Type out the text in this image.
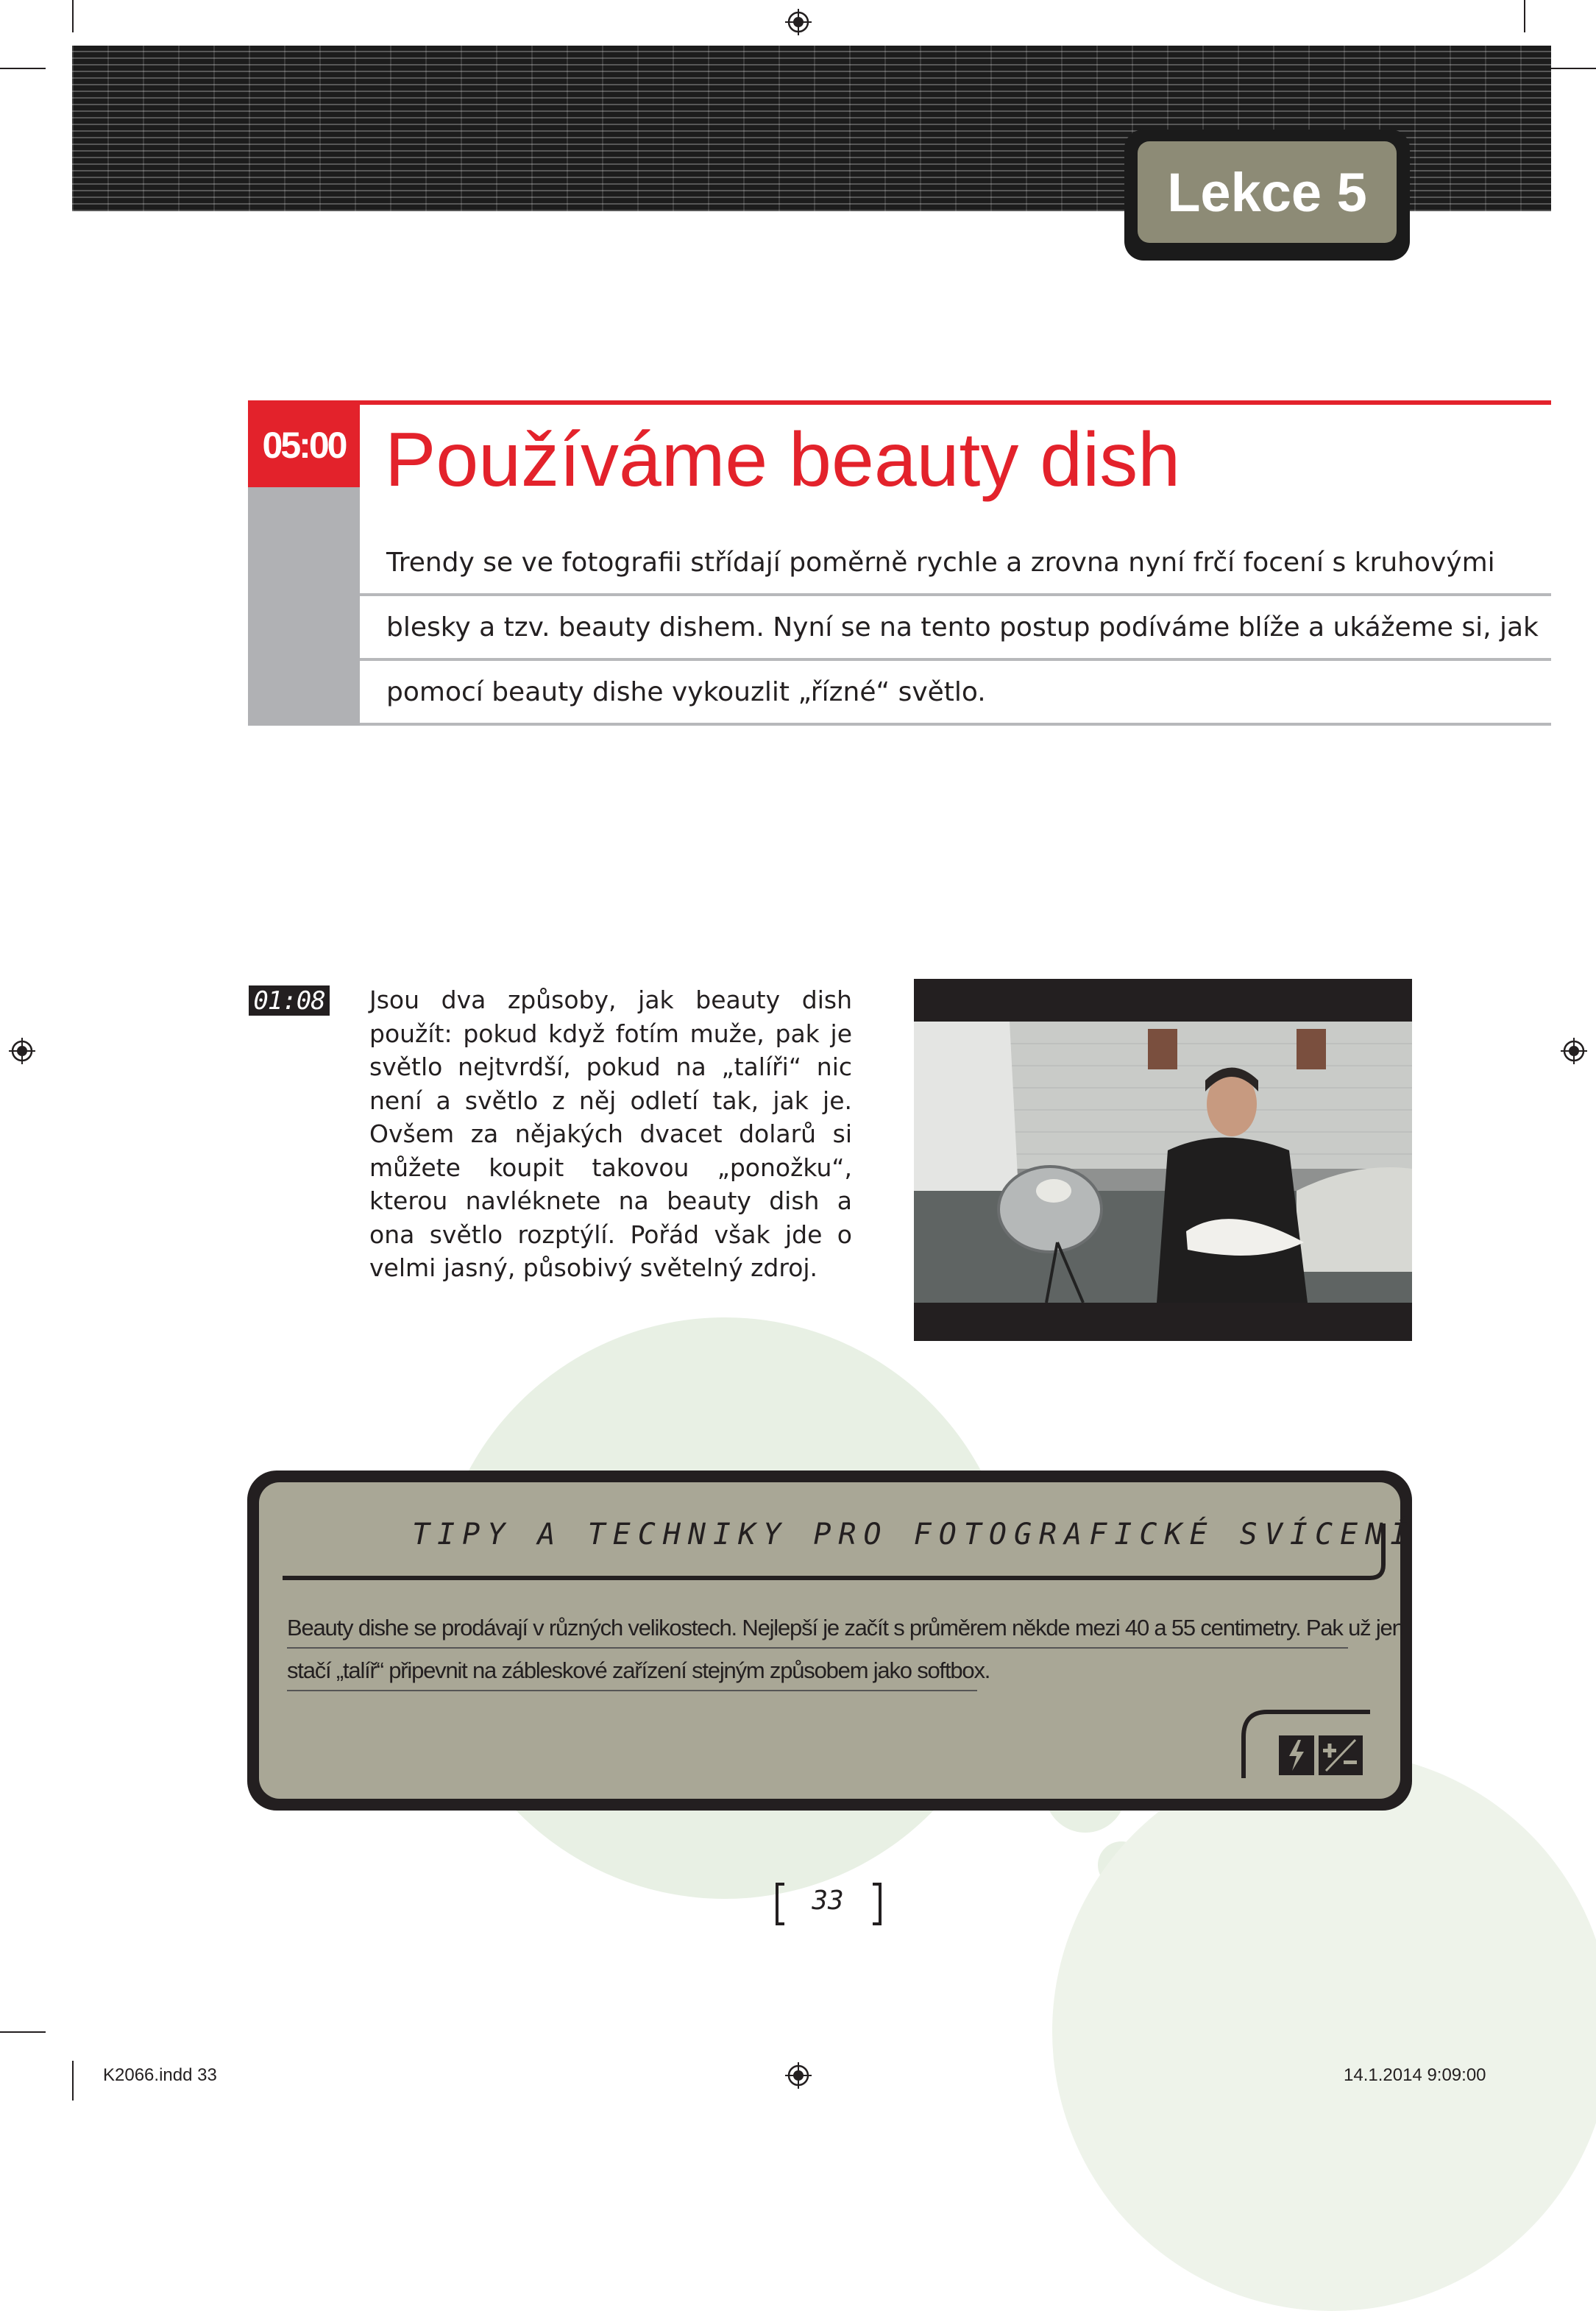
Lekce 5
05:00 Používáme beauty dish
Trendy se ve fotografii střídají poměrně rychle a zrovna nyní frčí focení s kruhovými
blesky a tzv. beauty dishem. Nyní se na tento postup podíváme blíže a ukážeme si, jak
pomocí beauty dishe vykouzlit „řízné“ světlo.
01:08 Jsou dva způsoby, jak beauty dish použít: pokud když fotím muže, pak je světlo nejtvrdší, pokud na „talíři“ nic není a světlo z něj odletí tak, jak je. Ovšem za nějakých dvacet dolarů si můžete koupit takovou „ponožku“, kterou navléknete na beauty dish a ona světlo rozptýlí. Pořád však jde o velmi jasný, působivý světelný zdroj.
TIPY A TECHNIKY PRO FOTOGRAFICKÉ SVÍCENÍ
Beauty dishe se prodávají v různých velikostech. Nejlepší je začít s průměrem někde mezi 40 a 55 centimetry. Pak už jen
stačí „talíř“ připevnit na zábleskové zařízení stejným způsobem jako softbox.
33
K2066.indd 33	14.1.2014 9:09:00
